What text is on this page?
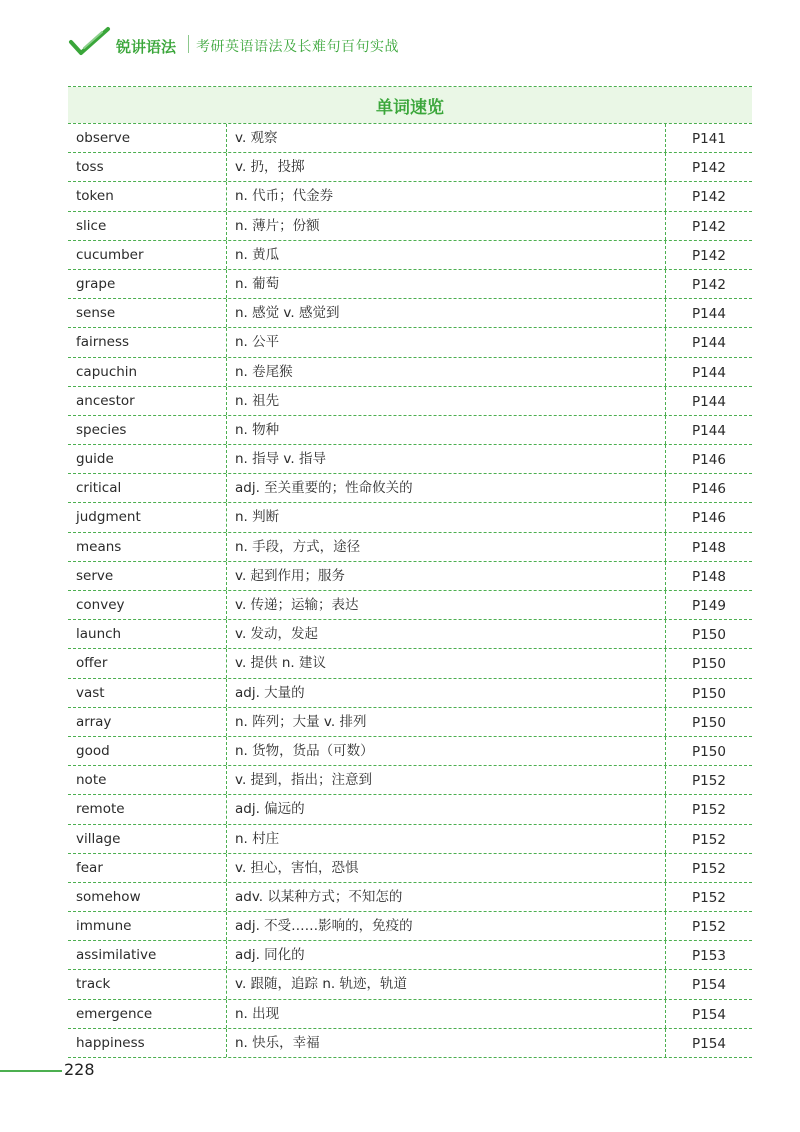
锐讲语法 考研英语语法及长难句百句实战
单词速览
observe	v. 观察	P141
toss	v. 扔，投掷	P142
token	n. 代币；代金券	P142
slice	n. 薄片；份额	P142
cucumber	n. 黄瓜	P142
grape	n. 葡萄	P142
sense	n. 感觉 v. 感觉到	P144
fairness	n. 公平	P144
capuchin	n. 卷尾猴	P144
ancestor	n. 祖先	P144
species	n. 物种	P144
guide	n. 指导 v. 指导	P146
critical	adj. 至关重要的；性命攸关的	P146
judgment	n. 判断	P146
means	n. 手段，方式，途径	P148
serve	v. 起到作用；服务	P148
convey	v. 传递；运输；表达	P149
launch	v. 发动，发起	P150
offer	v. 提供 n. 建议	P150
vast	adj. 大量的	P150
array	n. 阵列；大量 v. 排列	P150
good	n. 货物，货品（可数）	P150
note	v. 提到，指出；注意到	P152
remote	adj. 偏远的	P152
village	n. 村庄	P152
fear	v. 担心，害怕，恐惧	P152
somehow	adv. 以某种方式；不知怎的	P152
immune	adj. 不受……影响的，免疫的	P152
assimilative	adj. 同化的	P153
track	v. 跟随，追踪 n. 轨迹，轨道	P154
emergence	n. 出现	P154
happiness	n. 快乐，幸福	P154
228
